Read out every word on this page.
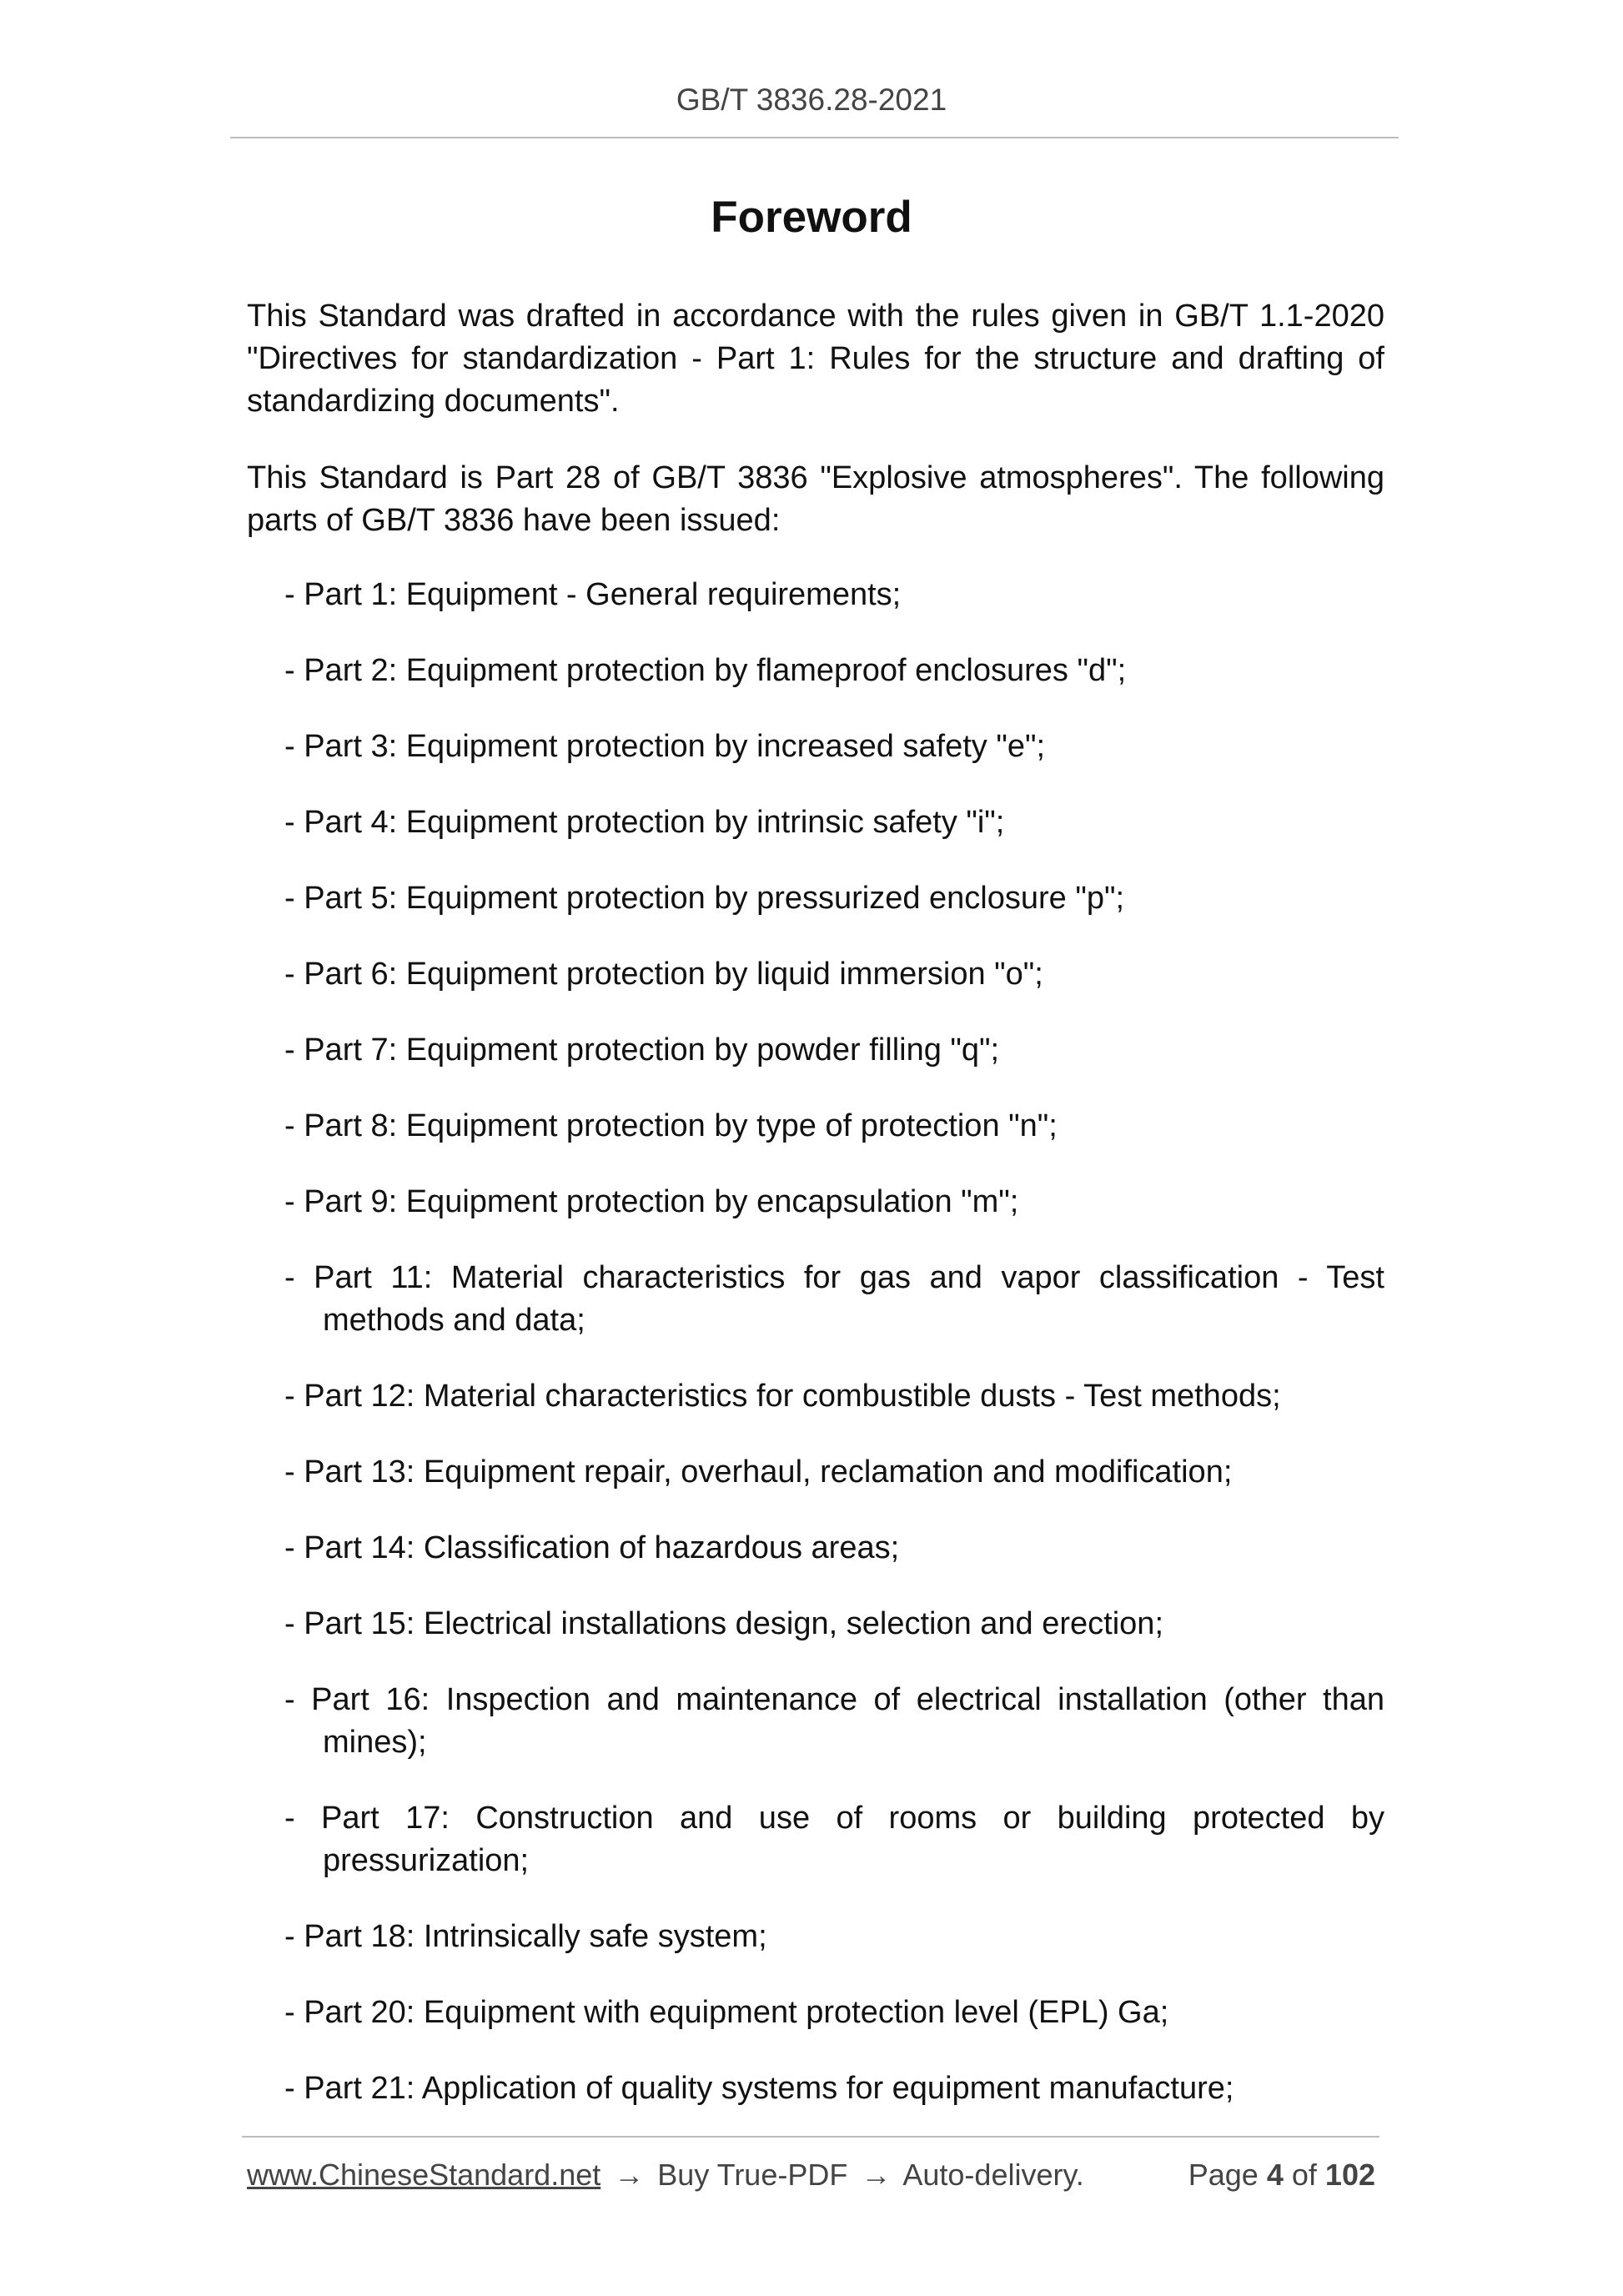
GB/T 3836.28-2021
Foreword

This Standard was drafted in accordance with the rules given in GB/T 1.1-2020 "Directives for standardization - Part 1: Rules for the structure and drafting of standardizing documents".

This Standard is Part 28 of GB/T 3836 "Explosive atmospheres". The following parts of GB/T 3836 have been issued:

- Part 1: Equipment - General requirements;
- Part 2: Equipment protection by flameproof enclosures "d";
- Part 3: Equipment protection by increased safety "e";
- Part 4: Equipment protection by intrinsic safety "i";
- Part 5: Equipment protection by pressurized enclosure "p";
- Part 6: Equipment protection by liquid immersion "o";
- Part 7: Equipment protection by powder filling "q";
- Part 8: Equipment protection by type of protection "n";
- Part 9: Equipment protection by encapsulation "m";
- Part 11: Material characteristics for gas and vapor classification - Test methods and data;
- Part 12: Material characteristics for combustible dusts - Test methods;
- Part 13: Equipment repair, overhaul, reclamation and modification;
- Part 14: Classification of hazardous areas;
- Part 15: Electrical installations design, selection and erection;
- Part 16: Inspection and maintenance of electrical installation (other than mines);
- Part 17: Construction and use of rooms or building protected by pressurization;
- Part 18: Intrinsically safe system;
- Part 20: Equipment with equipment protection level (EPL) Ga;
- Part 21: Application of quality systems for equipment manufacture;
www.ChineseStandard.net → Buy True-PDF → Auto-delivery.	Page 4 of 102
